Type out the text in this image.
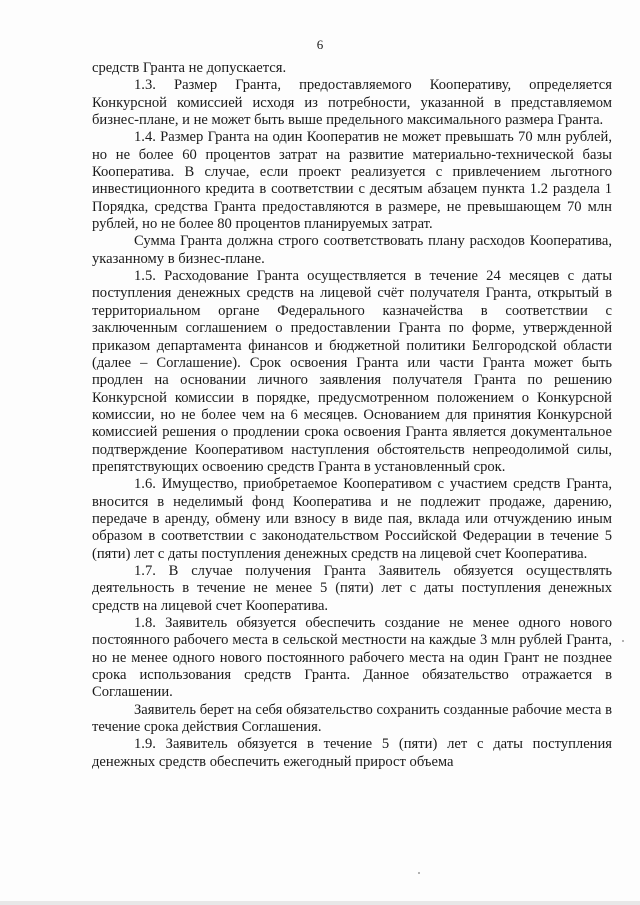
6

средств Гранта не допускается.

1.3. Размер Гранта, предоставляемого Кооперативу, определяется Конкурсной комиссией исходя из потребности, указанной в представляемом бизнес-плане, и не может быть выше предельного максимального размера Гранта.

1.4. Размер Гранта на один Кооператив не может превышать 70 млн рублей, но не более 60 процентов затрат на развитие материально-технической базы Кооператива. В случае, если проект реализуется с привлечением льготного инвестиционного кредита в соответствии с десятым абзацем пункта 1.2 раздела 1 Порядка, средства Гранта предоставляются в размере, не превышающем 70 млн рублей, но не более 80 процентов планируемых затрат.

Сумма Гранта должна строго соответствовать плану расходов Кооператива, указанному в бизнес-плане.

1.5. Расходование Гранта осуществляется в течение 24 месяцев с даты поступления денежных средств на лицевой счёт получателя Гранта, открытый в территориальном органе Федерального казначейства в соответствии с заключенным соглашением о предоставлении Гранта по форме, утвержденной приказом департамента финансов и бюджетной политики Белгородской области (далее – Соглашение). Срок освоения Гранта или части Гранта может быть продлен на основании личного заявления получателя Гранта по решению Конкурсной комиссии в порядке, предусмотренном положением о Конкурсной комиссии, но не более чем на 6 месяцев. Основанием для принятия Конкурсной комиссией решения о продлении срока освоения Гранта является документальное подтверждение Кооперативом наступления обстоятельств непреодолимой силы, препятствующих освоению средств Гранта в установленный срок.

1.6. Имущество, приобретаемое Кооперативом с участием средств Гранта, вносится в неделимый фонд Кооператива и не подлежит продаже, дарению, передаче в аренду, обмену или взносу в виде пая, вклада или отчуждению иным образом в соответствии с законодательством Российской Федерации в течение 5 (пяти) лет с даты поступления денежных средств на лицевой счет Кооператива.

1.7. В случае получения Гранта Заявитель обязуется осуществлять деятельность в течение не менее 5 (пяти) лет с даты поступления денежных средств на лицевой счет Кооператива.

1.8. Заявитель обязуется обеспечить создание не менее одного нового постоянного рабочего места в сельской местности на каждые 3 млн рублей Гранта, но не менее одного нового постоянного рабочего места на один Грант не позднее срока использования средств Гранта. Данное обязательство отражается в Соглашении.

Заявитель берет на себя обязательство сохранить созданные рабочие места в течение срока действия Соглашения.

1.9. Заявитель обязуется в течение 5 (пяти) лет с даты поступления денежных средств обеспечить ежегодный прирост объема
